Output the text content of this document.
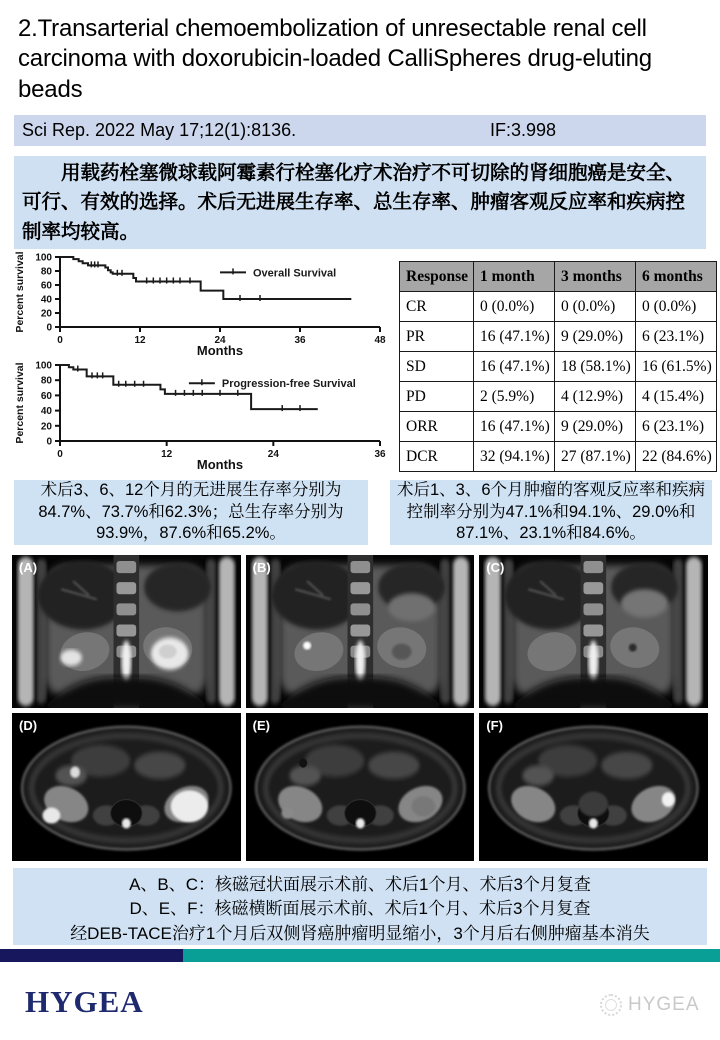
2.Transarterial chemoembolization of unresectable renal cell carcinoma with doxorubicin-loaded CalliSpheres drug-eluting beads
Sci Rep. 2022 May 17;12(1):8136.	IF:3.998

用载药栓塞微球载阿霉素行栓塞化疗术治疗不可切除的肾细胞癌是安全、可行、有效的选择。术后无进展生存率、总生存率、肿瘤客观反应率和疾病控制率均较高。

0
20
40
60
80
100
0	12	24	36	48
Overall Survival
Months
Percent survival
0
20
40
60
80
100
0	12	24	36
Progression-free Survival
Months
Percent survival
Response	1 month	3 months	6 months
CR	0 (0.0%)	0 (0.0%)	0 (0.0%)
PR	16 (47.1%)	9 (29.0%)	6 (23.1%)
SD	16 (47.1%)	18 (58.1%)	16 (61.5%)
PD	2 (5.9%)	4 (12.9%)	4 (15.4%)
ORR	16 (47.1%)	9 (29.0%)	6 (23.1%)
DCR	32 (94.1%)	27 (87.1%)	22 (84.6%)
术后3、6、12个月的无进展生存率分别为84.7%、73.7%和62.3%；总生存率分别为93.9%，87.6%和65.2%。
术后1、3、6个月肿瘤的客观反应率和疾病控制率分别为47.1%和94.1%、29.0%和87.1%、23.1%和84.6%。
(A)	(B)	(C)
(D)	(E)	(F)
A、B、C：核磁冠状面展示术前、术后1个月、术后3个月复查
D、E、F：核磁横断面展示术前、术后1个月、术后3个月复查
经DEB-TACE治疗1个月后双侧肾癌肿瘤明显缩小，3个月后右侧肿瘤基本消失
HYGEA	HYGEA
